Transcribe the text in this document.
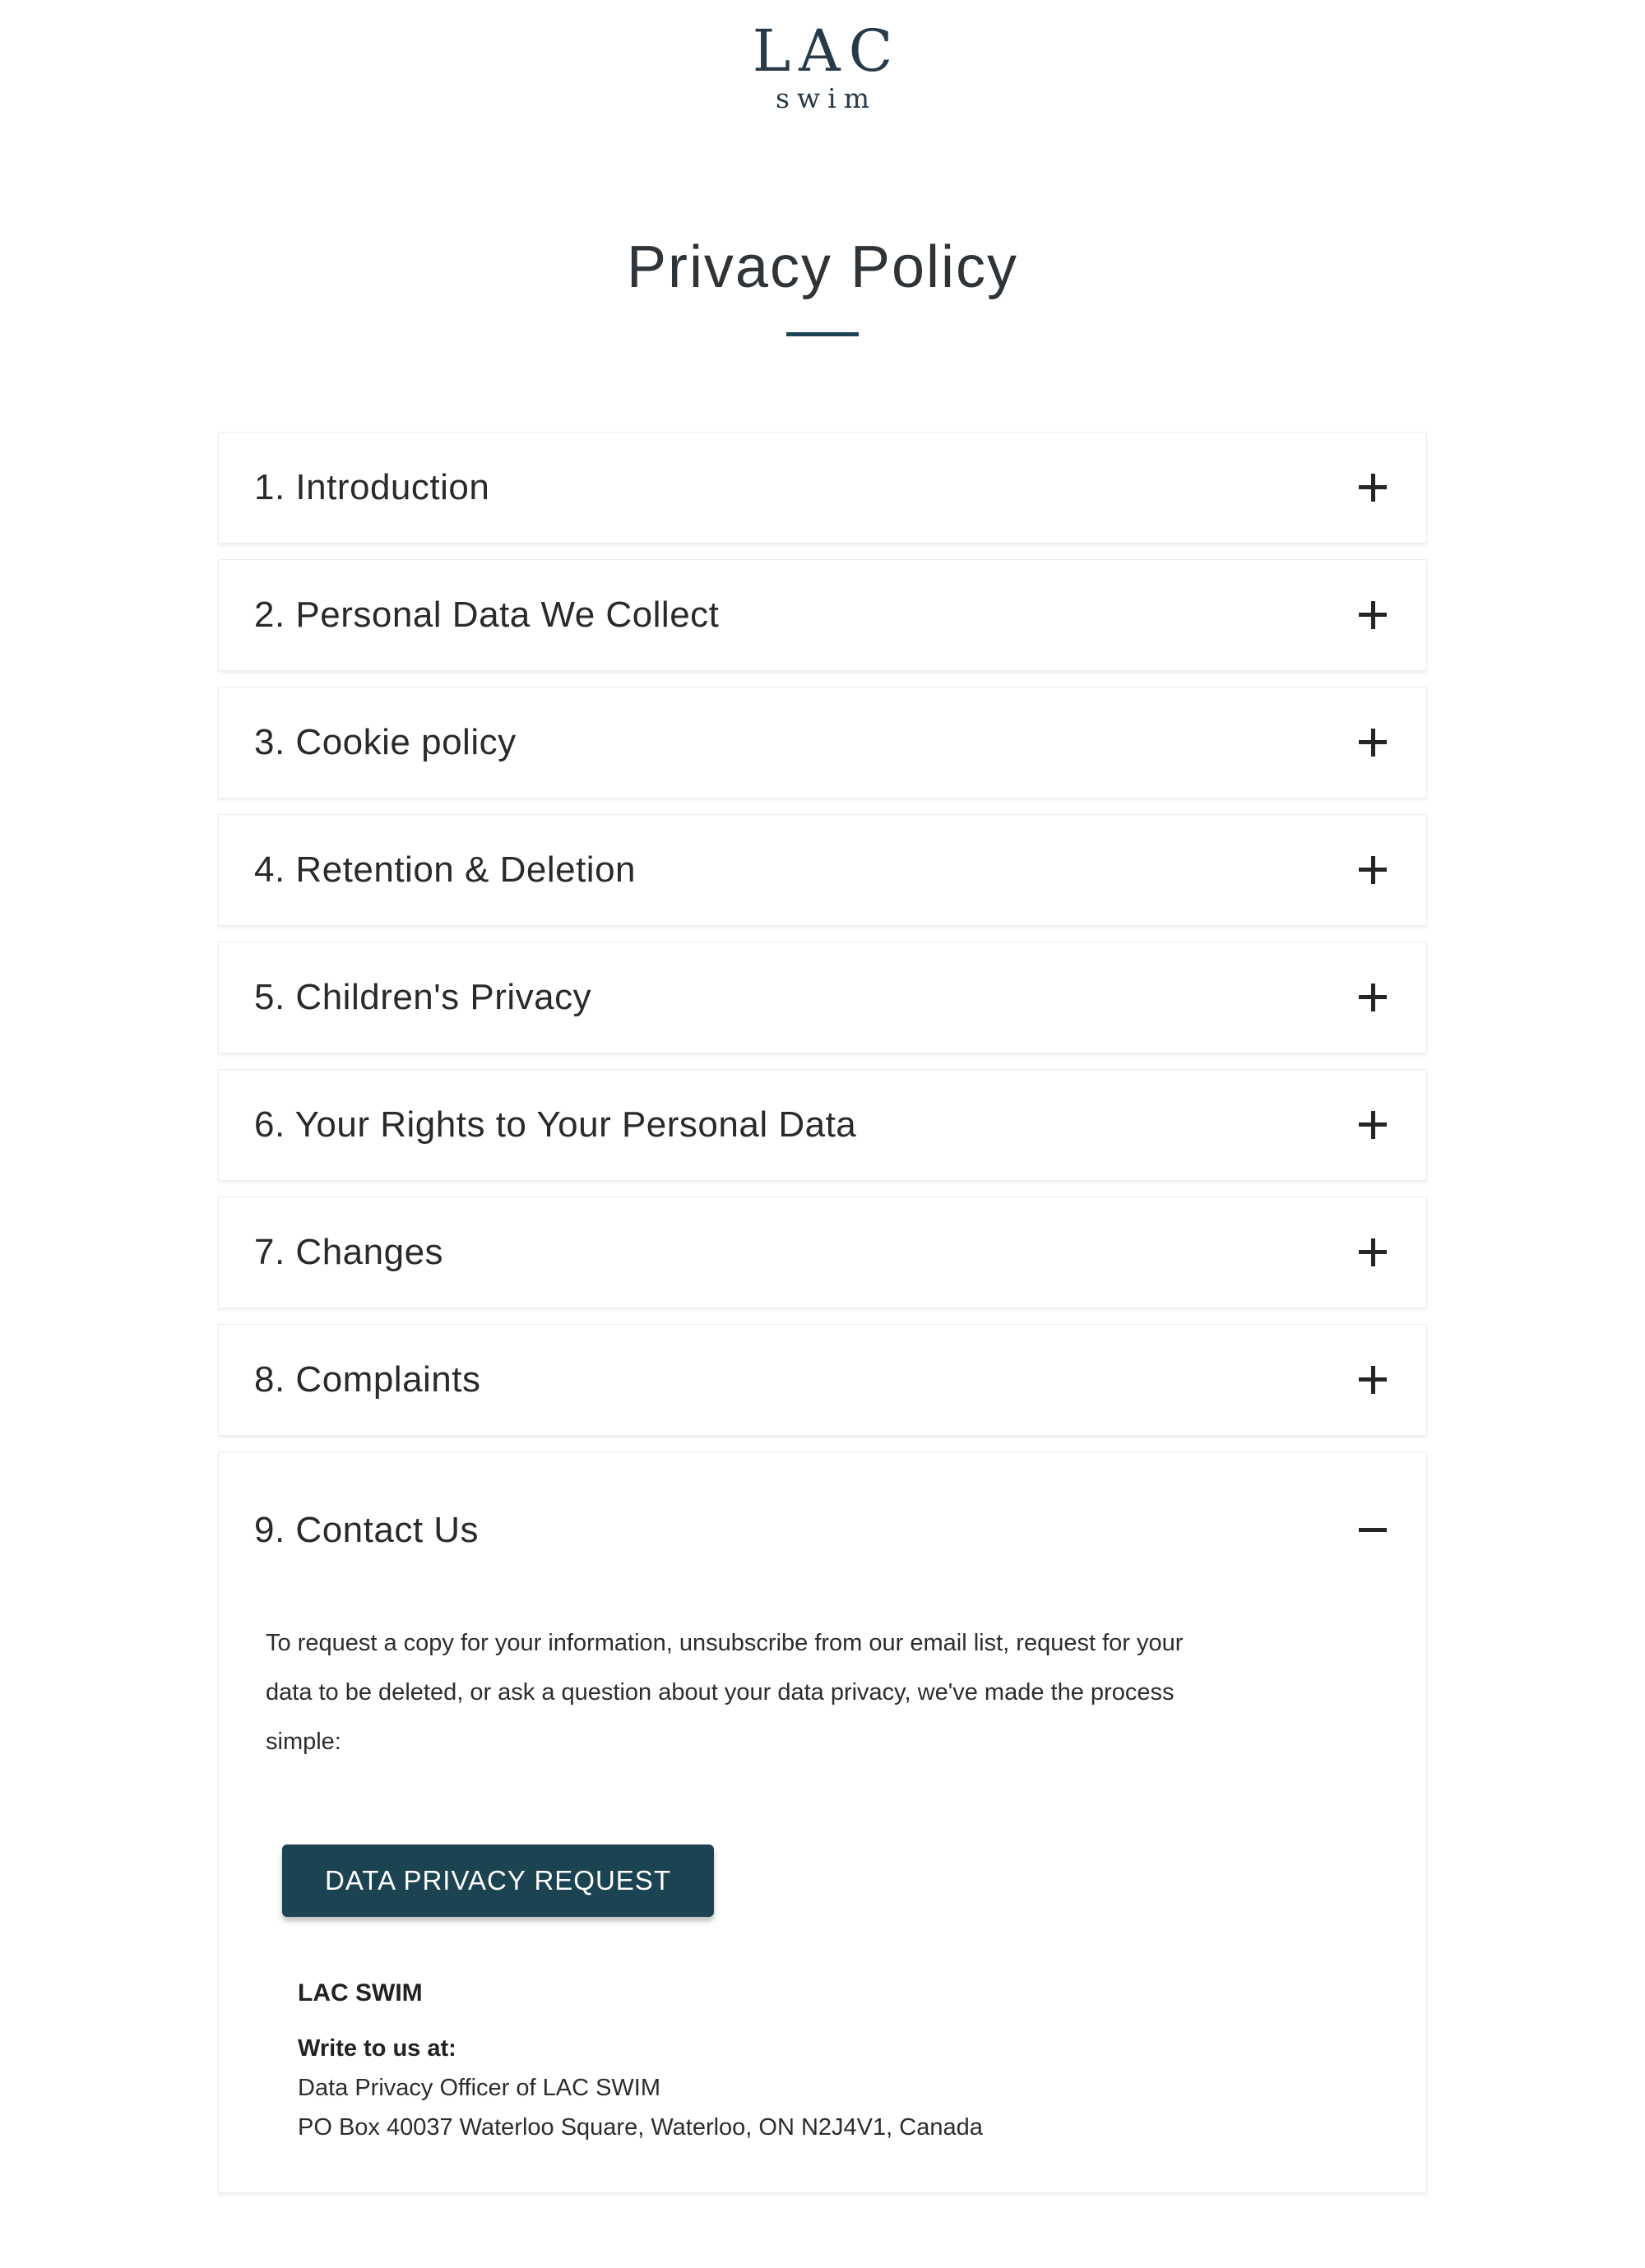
LAC
swim
Privacy Policy
1. Introduction
2. Personal Data We Collect
3. Cookie policy
4. Retention & Deletion
5. Children's Privacy
6. Your Rights to Your Personal Data
7. Changes
8. Complaints
9. Contact Us
To request a copy for your information, unsubscribe from our email list, request for your
data to be deleted, or ask a question about your data privacy, we've made the process
simple:
DATA PRIVACY REQUEST
LAC SWIM
Write to us at:
Data Privacy Officer of LAC SWIM
PO Box 40037 Waterloo Square, Waterloo, ON N2J4V1, Canada
